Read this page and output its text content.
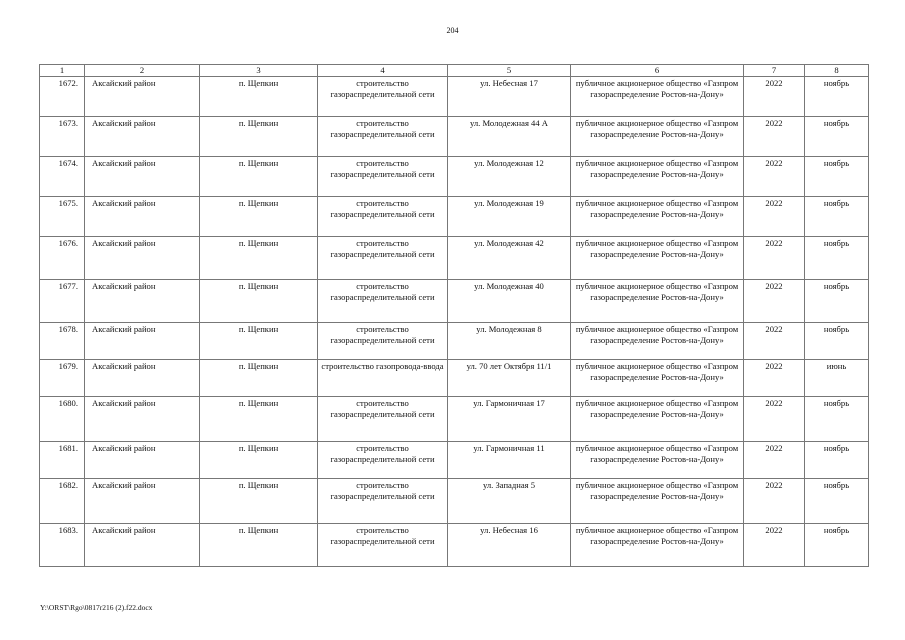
204
1	2	3	4	5	6	7	8
1672.	Аксайский район	п. Щепкин	строительство газораспределительной сети	ул. Небесная 17	публичное акционерное общество «Газпром газораспределение Ростов-на-Дону»	2022	ноябрь
1673.	Аксайский район	п. Щепкин	строительство газораспределительной сети	ул. Молодежная 44 А	публичное акционерное общество «Газпром газораспределение Ростов-на-Дону»	2022	ноябрь
1674.	Аксайский район	п. Щепкин	строительство газораспределительной сети	ул. Молодежная 12	публичное акционерное общество «Газпром газораспределение Ростов-на-Дону»	2022	ноябрь
1675.	Аксайский район	п. Щепкин	строительство газораспределительной сети	ул. Молодежная 19	публичное акционерное общество «Газпром газораспределение Ростов-на-Дону»	2022	ноябрь
1676.	Аксайский район	п. Щепкин	строительство газораспределительной сети	ул. Молодежная 42	публичное акционерное общество «Газпром газораспределение Ростов-на-Дону»	2022	ноябрь
1677.	Аксайский район	п. Щепкин	строительство газораспределительной сети	ул. Молодежная 40	публичное акционерное общество «Газпром газораспределение Ростов-на-Дону»	2022	ноябрь
1678.	Аксайский район	п. Щепкин	строительство газораспределительной сети	ул. Молодежная 8	публичное акционерное общество «Газпром газораспределение Ростов-на-Дону»	2022	ноябрь
1679.	Аксайский район	п. Щепкин	строительство газопровода-ввода	ул. 70 лет Октября 11/1	публичное акционерное общество «Газпром газораспределение Ростов-на-Дону»	2022	июнь
1680.	Аксайский район	п. Щепкин	строительство газораспределительной сети	ул. Гармоничная 17	публичное акционерное общество «Газпром газораспределение Ростов-на-Дону»	2022	ноябрь
1681.	Аксайский район	п. Щепкин	строительство газораспределительной сети	ул. Гармоничная 11	публичное акционерное общество «Газпром газораспределение Ростов-на-Дону»	2022	ноябрь
1682.	Аксайский район	п. Щепкин	строительство газораспределительной сети	ул. Западная 5	публичное акционерное общество «Газпром газораспределение Ростов-на-Дону»	2022	ноябрь
1683.	Аксайский район	п. Щепкин	строительство газораспределительной сети	ул. Небесная 16	публичное акционерное общество «Газпром газораспределение Ростов-на-Дону»	2022	ноябрь
Y:\ORST\Rgo\0817r216 (2).f22.docx
